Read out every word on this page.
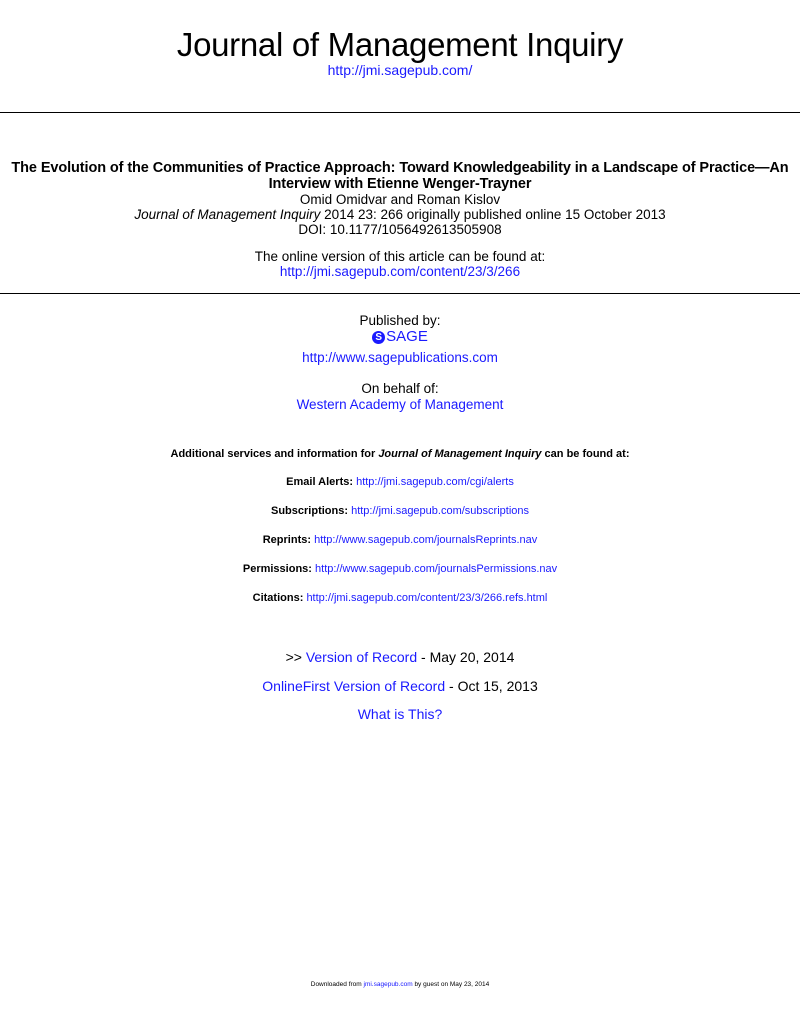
Journal of Management Inquiry
http://jmi.sagepub.com/
The Evolution of the Communities of Practice Approach: Toward Knowledgeability in a Landscape of Practice—An Interview with Etienne Wenger-Trayner
Omid Omidvar and Roman Kislov
Journal of Management Inquiry 2014 23: 266 originally published online 15 October 2013
DOI: 10.1177/1056492613505908
The online version of this article can be found at:
http://jmi.sagepub.com/content/23/3/266
Published by:
S SAGE
http://www.sagepublications.com
On behalf of:
Western Academy of Management
Additional services and information for Journal of Management Inquiry can be found at:
Email Alerts: http://jmi.sagepub.com/cgi/alerts
Subscriptions: http://jmi.sagepub.com/subscriptions
Reprints: http://www.sagepub.com/journalsReprints.nav
Permissions: http://www.sagepub.com/journalsPermissions.nav
Citations: http://jmi.sagepub.com/content/23/3/266.refs.html
>> Version of Record - May 20, 2014
OnlineFirst Version of Record - Oct 15, 2013
What is This?
Downloaded from jmi.sagepub.com by guest on May 23, 2014
